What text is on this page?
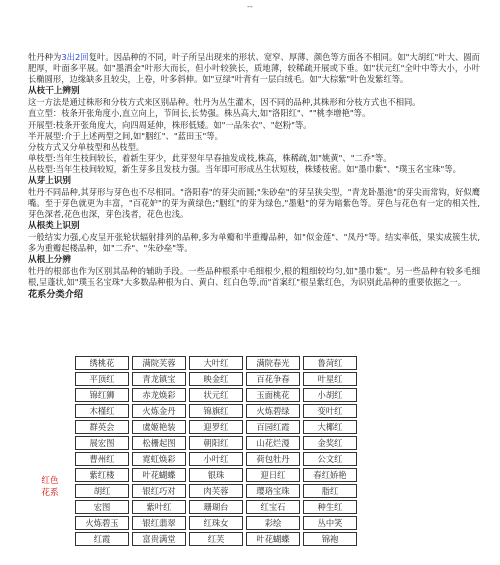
--

牡丹种为3出2回复叶。因品种的不同，叶子所呈出现来的形状、宽窄、厚薄、颜色等方面各不相同。如"大胡红"叶大、圆而肥厚，叶面多平展。如"墨洒金"叶形大而长，但小叶较狭长，质地薄，较稀疏开展或下垂。如"状元红"全叶中等大小，小叶长椭圆形，边缘缺多且较尖，上卷，叶多斜伸。如"豆绿"叶背有一层白绒毛。如"大棕紫"叶色发紫红等。

从枝干上辨别

这一方法是通过株形和分枝方式来区别品种。牡丹为丛生灌木，因不同的品种,其株形和分枝方式也不相同。

直立型：枝条开张角度小,直立向上，节间长,长势强。株丛高大,如"洛阳红"、""桃李增艳"等。

开展型:枝条开张角度大，向四周延伸，株形低矮。如"一品朱衣"、"赵粉"等。

半开展型:介于上述两型之间,如"胭红"、"蓝田玉"等。

分枝方式又分单枝型和丛枝型。

单枝型:当年生枝间较长，着新生芽少，此芽翌年早春抽发成枝,株高，株稀疏,如"姚黄"、"二乔"等。

丛枝型:当年生枝间较短，新生芽多且发枝力强。当年即可形成丛生状短枝，株矮枝密。如"墨巾紫"、"璞玉名宝珠"等。

从芽上识别

牡丹不同品种,其芽形与芽色也不尽相同。"洛阳春"的芽尖而圆;"朱砂垒"的芽呈狭尖型，"青龙卧墨池"的芽尖而常钩，好似鹰嘴。至于芽色就更为丰富，"百花妒"的芽为黄绿色;"胭红"的芽为绿色,"墨魁"的芽为暗紫色等。芽色与花色有一定的相关性,芽色深者,花色也深，芽色浅者，花色也浅。

从根类上识别

一般结实力强,心皮呈开张轮状辐射排列的品种,多为单瓣和半重瓣品种，如"似金莲"、"凤丹"等。结实率低，果实成簇生状,多为重瓣起楼品种，如"二乔"、"朱砂垒"等。

从根上分辨

牡丹的根部也作为区别其品种的辅助手段。一些品种根系中毛细根少,根的粗细较均匀,如"墨巾紫"。另一些品种有较多毛细根,呈蓬状,如"璞玉名宝珠"大多数品种根为白、黄白、红白色等,而"首案红"根呈紫红色，为识别此品种的重要依据之一。

花系分类介绍
红色
花系
绣桃花	满院芙蓉	大叶红	满院春光	鲁菏红
平顶红	青龙镇宝	映金红	百花争春	叶星红
锦红狮	赤龙焕彩	状元红	玉面桃花	小胡红
木槿红	火炼金丹	锦旗红	火炼碧绿	变叶红
群英会	虞姬艳装	迎罗红	百园红霞	大椰红
展宏图	松栅起图	朝阳红	山花烂漫	金奖红
曹州红	霓虹焕彩	小叶红	荷包牡丹	公文红
紫红楼	叶花蝴蝶	银珠	迎日红	春红娇艳
胡红	银红巧对	肉芙蓉	璎珞宝珠	脂红
宏图	紫叶红	珊瑚台	红宝石	种生红
火炼碧玉	银红翡翠	红珠女	彩绘	丛中笑
红霞	富贵满堂	红芙	叶花蝴蝶	锦袍
